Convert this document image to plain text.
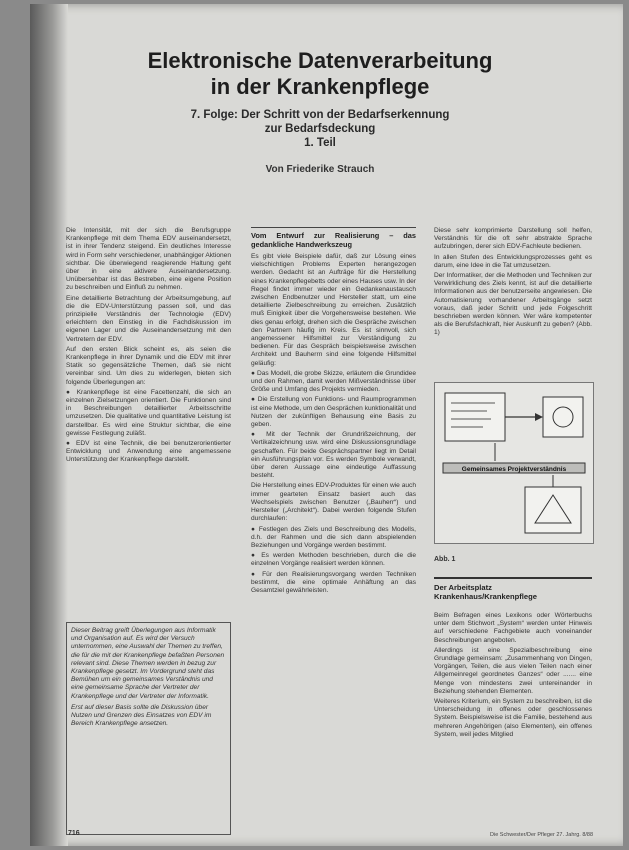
Elektronische Datenverarbeitung
in der Krankenpflege
7. Folge: Der Schritt von der Bedarfserkennung
zur Bedarfsdeckung
1. Teil
Von Friederike Strauch

Die Intensität, mit der sich die Berufsgruppe Krankenpflege mit dem Thema EDV auseinandersetzt, ist in ihrer Tendenz steigend. Ein deutliches Interesse wird in Form sehr verschiedener, unabhängiger Aktionen sichtbar. Die überwiegend reagierende Haltung geht über in eine aktivere Auseinandersetzung. Unübersehbar ist das Bestreben, eine eigene Position zu beschreiben und Einfluß zu nehmen.

Eine detaillierte Betrachtung der Arbeitsumgebung, auf die die EDV-Unterstützung passen soll, und das prinzipielle Verständnis der Technologie (EDV) erleichtern den Einstieg in die Fachdiskussion im eigenen Lager und die Auseinandersetzung mit den Vertretern der EDV.

Auf den ersten Blick scheint es, als seien die Krankenpflege in ihrer Dynamik und die EDV mit ihrer Statik so gegensätzliche Themen, daß sie nicht vereinbar sind. Um dies zu widerlegen, bieten sich folgende Überlegungen an:

● Krankenpflege ist eine Facettenzahl, die sich an einzelnen Zielsetzungen orientiert. Die Funktionen sind in Beschreibungen detaillierter Arbeitsschritte umzusetzen. Die qualitative und quantitative Leistung ist darstellbar. Es wird eine Struktur sichtbar, die eine gewisse Festlegung zuläßt.

● EDV ist eine Technik, die bei benutzerorientierter Entwicklung und Anwendung eine angemessene Unterstützung der Krankenpflege darstellt.

Dieser Beitrag greift Überlegungen aus Informatik und Organisation auf. Es wird der Versuch unternommen, eine Auswahl der Themen zu treffen, die für die mit der Krankenpflege befaßten Personen relevant sind. Diese Themen werden in bezug zur Krankenpflege gesetzt. Im Vordergrund steht das Bemühen um ein gemeinsames Verständnis und eine gemeinsame Sprache der Vertreter der Krankenpflege und der Vertreter der Informatik.

Erst auf dieser Basis sollte die Diskussion über Nutzen und Grenzen des Einsatzes von EDV im Bereich Krankenpflege ansetzen.

Vom Entwurf zur Realisierung – das gedankliche Handwerkszeug

Es gibt viele Beispiele dafür, daß zur Lösung eines vielschichtigen Problems Experten herangezogen werden. Gedacht ist an Aufträge für die Herstellung eines Krankenpflegebetts oder eines Hauses usw. In der Regel findet immer wieder ein Gedankenaustausch zwischen Endbenutzer und Hersteller statt, um eine detaillierte Zielbeschreibung zu erreichen. Zusätzlich muß Einigkeit über die Vorgehensweise bestehen. Wie dies genau erfolgt, drehen sich die Gespräche zwischen den Partnern häufig im Kreis. Es ist sinnvoll, sich angemessener Hilfsmittel zur Verständigung zu bedienen. Für das Gespräch beispielsweise zwischen Architekt und Bauherrn sind eine folgende Hilfsmittel geläufig:

● Das Modell, die grobe Skizze, erläutern die Grundidee und den Rahmen, damit werden Mißverständnisse über Größe und Umfang des Projekts vermieden.

● Die Erstellung von Funktions- und Raumprogrammen ist eine Methode, um den Gesprächen kunktionalität und Nutzen der zukünftigen Behausung eine Basis zu geben.

● Mit der Technik der Grundrißzeichnung, der Vertikalzeichnung usw. wird eine Diskussionsgrundlage geschaffen. Für beide Gesprächspartner liegt im Detail ein Ausführungsplan vor. Es werden Symbole verwandt, über deren Aussage eine eindeutige Auffassung besteht.

Die Herstellung eines EDV-Produktes für einen wie auch immer gearteten Einsatz basiert auch das Wechselspiels zwischen Benutzer („Bauherr“) und Hersteller („Architekt“). Dabei werden folgende Stufen durchlaufen:

● Festlegen des Ziels und Beschreibung des Modells, d.h. der Rahmen und die sich dann abspielenden Beziehungen und Vorgänge werden bestimmt.

● Es werden Methoden beschrieben, durch die die einzelnen Vorgänge realisiert werden können.

● Für den Realisierungsvorgang werden Techniken bestimmt, die eine optimale Anhäftung an das Gesamtziel gewährleisten.

Diese sehr komprimierte Darstellung soll helfen, Verständnis für die oft sehr abstrakte Sprache aufzubringen, derer sich EDV-Fachleute bedienen.

In allen Stufen des Entwicklungsprozesses geht es darum, eine Idee in die Tat umzusetzen.

Der Informatiker, der die Methoden und Techniken zur Verwirklichung des Ziels kennt, ist auf die detaillierte Informationen aus der benutzerseite angewiesen. Die Automatisierung vorhandener Arbeitsgänge setzt voraus, daß jeder Schritt und jede Folgeschritt beschrieben werden können. Wer wäre kompetenter als die Berufsfachkraft, hier Auskunft zu geben? (Abb. 1)

Gemeinsames Projektverständnis
Abb. 1
Der Arbeitsplatz
Krankenhaus/Krankenpflege

Beim Befragen eines Lexikons oder Wörterbuchs unter dem Stichwort „System“ werden unter Hinweis auf verschiedene Fachgebiete auch voneinander Beschreibungen angeboten.

Allerdings ist eine Spezialbeschreibung eine Grundlage gemeinsam: „Zusammenhang von Dingen, Vorgängen, Teilen, die aus vielen Teilen nach einer Allgemeinregel geordnetes Ganzes“ oder ....... eine Menge von mindestens zwei untereinander in Beziehung stehenden Elementen.

Weiteres Kriterium, ein System zu beschreiben, ist die Unterscheidung in offenes oder geschlossenes System. Beispielsweise ist die Familie, bestehend aus mehreren Angehörigen (also Elementen), ein offenes System, weil jedes Mitglied

716	Die Schwester/Der Pfleger 27. Jahrg. 8/88
